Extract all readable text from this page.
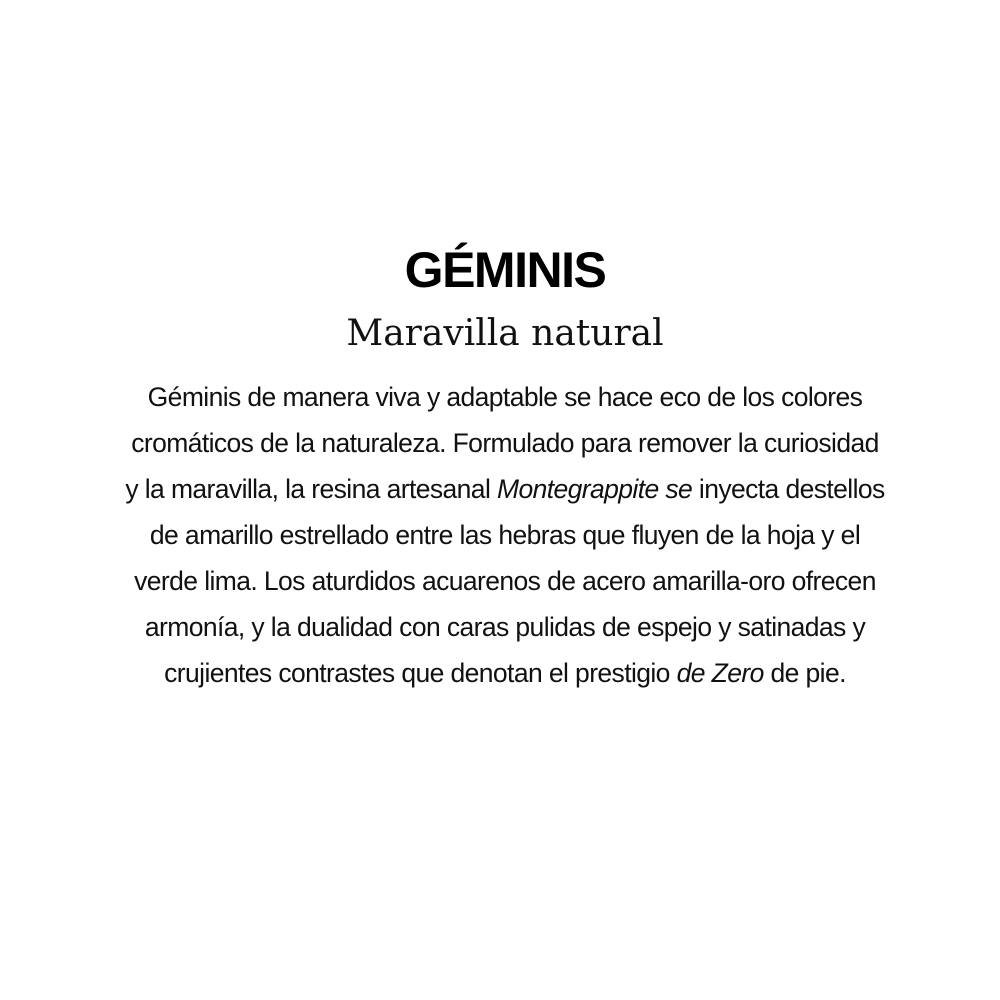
GÉMINIS
Maravilla natural

Géminis de manera viva y adaptable se hace eco de los colores
cromáticos de la naturaleza. Formulado para remover la curiosidad
y la maravilla, la resina artesanal Montegrappite se inyecta destellos
de amarillo estrellado entre las hebras que fluyen de la hoja y el
verde lima. Los aturdidos acuarenos de acero amarilla-oro ofrecen
armonía, y la dualidad con caras pulidas de espejo y satinadas y
crujientes contrastes que denotan el prestigio de Zero de pie.
